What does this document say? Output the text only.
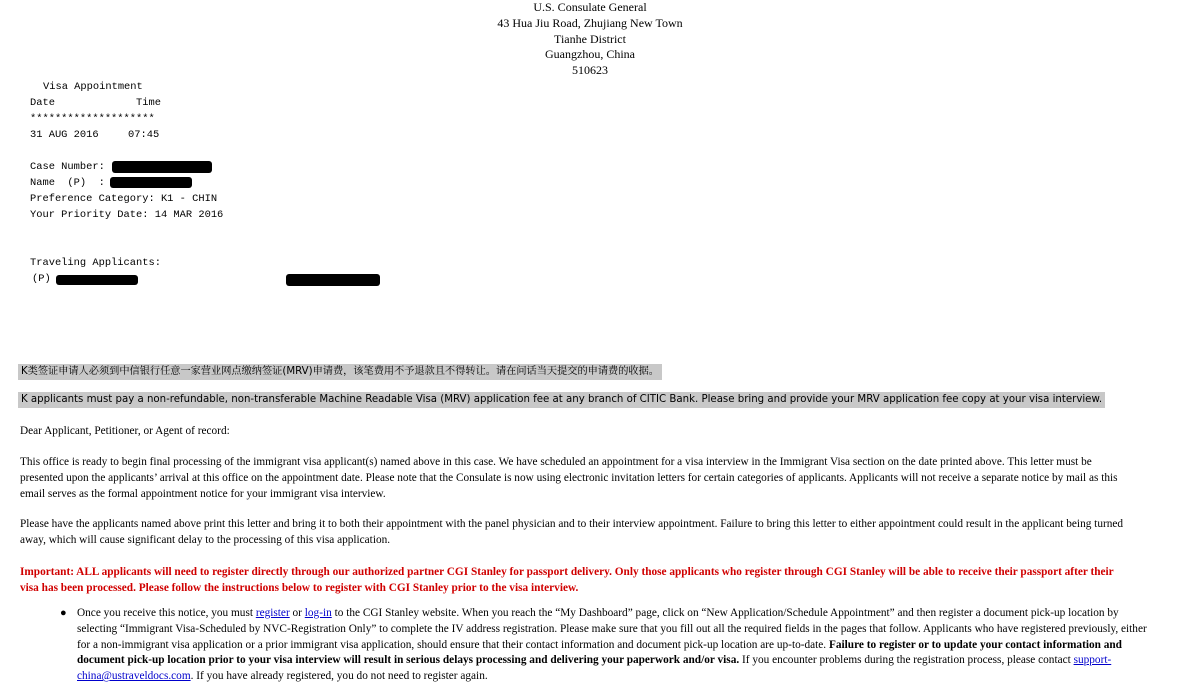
U.S. Consulate General
43 Hua Jiu Road, Zhujiang New Town
Tianhe District
Guangzhou, China
510623
Visa Appointment
Date	Time
********************
31 AUG 2016	07:45
Case Number:
Name  (P)  :
Preference Category: K1 - CHIN
Your Priority Date: 14 MAR 2016
Traveling Applicants:
(P)
K类签证申请人必须到中信银行任意一家营业网点缴纳签证(MRV)申请费，该笔费用不予退款且不得转让。请在问话当天提交的申请费的收据。
K applicants must pay a non-refundable, non-transferable Machine Readable Visa (MRV) application fee at any branch of CITIC Bank. Please bring and provide your MRV application fee copy at your visa interview.
Dear Applicant, Petitioner, or Agent of record:
This office is ready to begin final processing of the immigrant visa applicant(s) named above in this case. We have scheduled an appointment for a visa interview in the Immigrant Visa section on the date printed above. This letter must be presented upon the applicants’ arrival at this office on the appointment date. Please note that the Consulate is now using electronic invitation letters for certain categories of applicants. Applicants will not receive a separate notice by mail as this email serves as the formal appointment notice for your immigrant visa interview.
Please have the applicants named above print this letter and bring it to both their appointment with the panel physician and to their interview appointment. Failure to bring this letter to either appointment could result in the applicant being turned away, which will cause significant delay to the processing of this visa application.
Important: ALL applicants will need to register directly through our authorized partner CGI Stanley for passport delivery. Only those applicants who register through CGI Stanley will be able to receive their passport after their visa has been processed. Please follow the instructions below to register with CGI Stanley prior to the visa interview.
● Once you receive this notice, you must register or log-in to the CGI Stanley website. When you reach the “My Dashboard” page, click on “New Application/Schedule Appointment” and then register a document pick-up location by selecting “Immigrant Visa-Scheduled by NVC-Registration Only” to complete the IV address registration. Please make sure that you fill out all the required fields in the pages that follow. Applicants who have registered previously, either for a non-immigrant visa application or a prior immigrant visa application, should ensure that their contact information and document pick-up location are up-to-date. Failure to register or to update your contact information and document pick-up location prior to your visa interview will result in serious delays processing and delivering your paperwork and/or visa. If you encounter problems during the registration process, please contact support-china@ustraveldocs.com. If you have already registered, you do not need to register again.
